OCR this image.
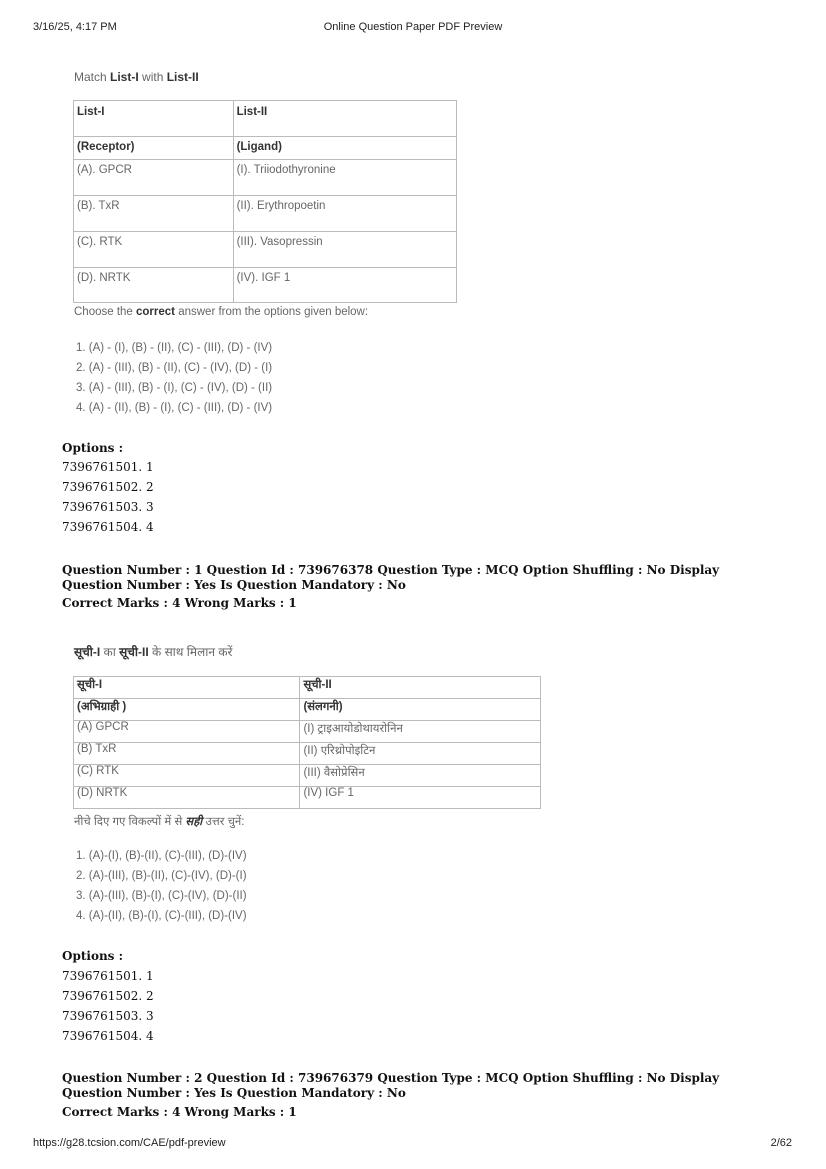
3/16/25, 4:17 PM	Online Question Paper PDF Preview
Match List-I with List-II
List-I	List-II
(Receptor)	(Ligand)
(A). GPCR	(I). Triiodothyronine
(B). TxR	(II). Erythropoetin
(C). RTK	(III). Vasopressin
(D). NRTK	(IV). IGF 1
Choose the correct answer from the options given below:
1. (A) - (I), (B) - (II), (C) - (III), (D) - (IV)
2. (A) - (III), (B) - (II), (C) - (IV), (D) - (I)
3. (A) - (III), (B) - (I), (C) - (IV), (D) - (II)
4. (A) - (II), (B) - (I), (C) - (III), (D) - (IV)
Options :
7396761501. 1
7396761502. 2
7396761503. 3
7396761504. 4
Question Number : 1 Question Id : 739676378 Question Type : MCQ Option Shuffling : No Display Question Number : Yes Is Question Mandatory : No
Correct Marks : 4 Wrong Marks : 1
सूची-I का सूची-II के साथ मिलान करें
सूची-I	सूची-II
(अभिग्राही )	(संलगनी)
(A) GPCR	(I) ट्राइआयोडोथायरोनिन
(B) TxR	(II) एरिथ्रोपोइटिन
(C) RTK	(III) वैसोप्रेसिन
(D) NRTK	(IV) IGF 1
नीचे दिए गए विकल्पों में से सही उत्तर चुनें:
1. (A)-(I), (B)-(II), (C)-(III), (D)-(IV)
2. (A)-(III), (B)-(II), (C)-(IV), (D)-(I)
3. (A)-(III), (B)-(I), (C)-(IV), (D)-(II)
4. (A)-(II), (B)-(I), (C)-(III), (D)-(IV)
Options :
7396761501. 1
7396761502. 2
7396761503. 3
7396761504. 4
Question Number : 2 Question Id : 739676379 Question Type : MCQ Option Shuffling : No Display Question Number : Yes Is Question Mandatory : No
Correct Marks : 4 Wrong Marks : 1
https://g28.tcsion.com/CAE/pdf-preview	2/62
